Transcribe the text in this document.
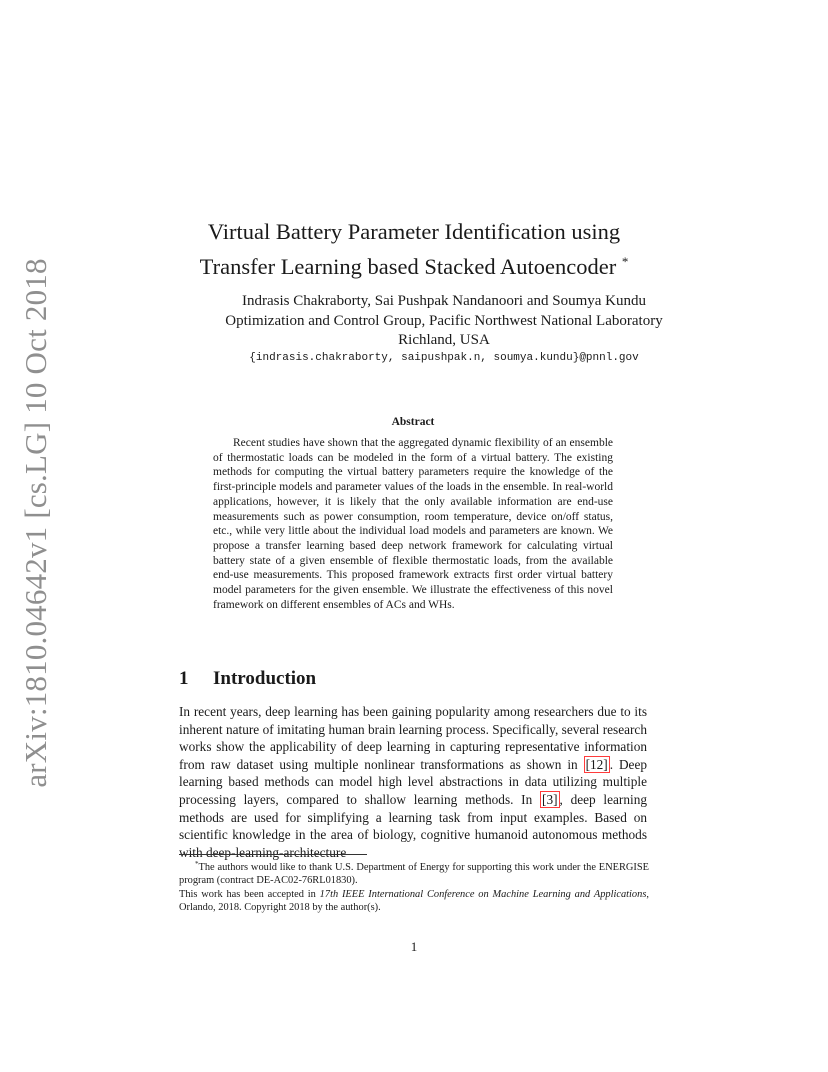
arXiv:1810.04642v1 [cs.LG] 10 Oct 2018
Virtual Battery Parameter Identification using
Transfer Learning based Stacked Autoencoder *
Indrasis Chakraborty, Sai Pushpak Nandanoori and Soumya Kundu
Optimization and Control Group, Pacific Northwest National Laboratory
Richland, USA
{indrasis.chakraborty, saipushpak.n, soumya.kundu}@pnnl.gov
Abstract
Recent studies have shown that the aggregated dynamic flexibility of an ensemble of thermostatic loads can be modeled in the form of a virtual battery. The existing methods for computing the virtual battery parameters require the knowledge of the first-principle models and parameter values of the loads in the ensemble. In real-world applications, however, it is likely that the only available information are end-use measurements such as power consumption, room temperature, device on/off status, etc., while very little about the individual load models and parameters are known. We propose a transfer learning based deep network framework for calculating virtual battery state of a given ensemble of flexible thermostatic loads, from the available end-use measurements. This proposed framework extracts first order virtual battery model parameters for the given ensemble. We illustrate the effectiveness of this novel framework on different ensembles of ACs and WHs.
1 Introduction
In recent years, deep learning has been gaining popularity among researchers due to its inherent nature of imitating human brain learning process. Specifically, several research works show the applicability of deep learning in capturing representative information from raw dataset using multiple nonlinear transformations as shown in [12] . Deep learning based methods can model high level abstractions in data utilizing multiple processing layers, compared to shallow learning methods. In [3] , deep learning methods are used for simplifying a learning task from input examples. Based on scientific knowledge in the area of biology, cognitive humanoid autonomous methods with deep-learning-architecture

*The authors would like to thank U.S. Department of Energy for supporting this work under the ENERGISE program (contract DE-AC02-76RL01830).

This work has been accepted in 17th IEEE International Conference on Machine Learning and Applications, Orlando, 2018. Copyright 2018 by the author(s).

1
